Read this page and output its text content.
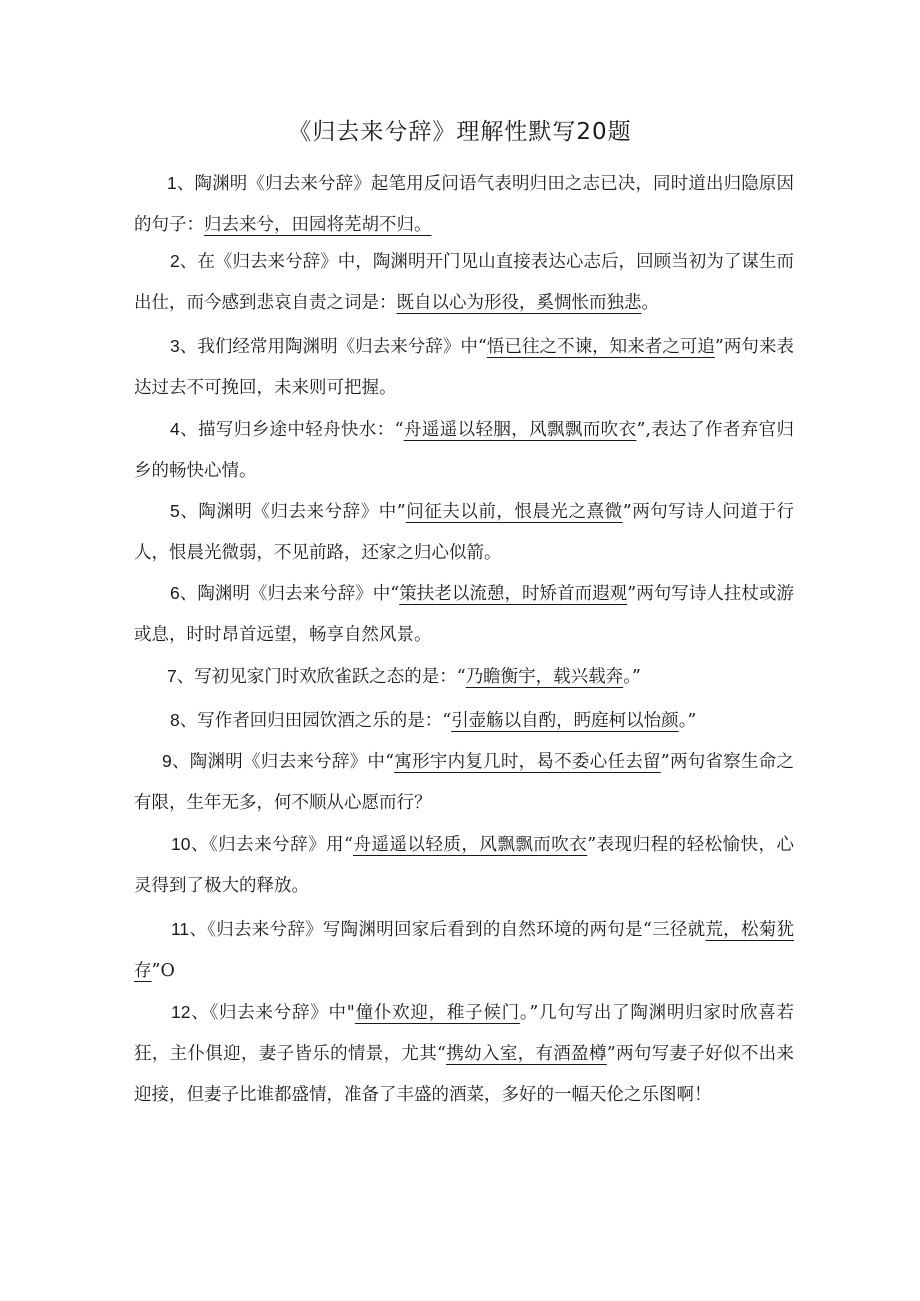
《归去来兮辞》理解性默写20题

1、陶渊明《归去来兮辞》起笔用反问语气表明归田之志已决，同时道出归隐原因的句子：归去来兮，田园将芜胡不归。

2、在《归去来兮辞》中，陶渊明开门见山直接表达心志后，回顾当初为了谋生而出仕，而今感到悲哀自责之词是：既自以心为形役，奚惆怅而独悲。

3、我们经常用陶渊明《归去来兮辞》中“悟已往之不谏，知来者之可追”两句来表达过去不可挽回，未来则可把握。

4、描写归乡途中轻舟快水：“舟遥遥以轻胭，风飘飘而吹衣”,表达了作者弃官归乡的畅快心情。

5、陶渊明《归去来兮辞》中”问征夫以前，恨晨光之熹微”两句写诗人问道于行人，恨晨光微弱，不见前路，还家之归心似箭。

6、陶渊明《归去来兮辞》中“策扶老以流憩，时矫首而遐观”两句写诗人拄杖或游或息，时时昂首远望，畅享自然风景。

7、写初见家门时欢欣雀跃之态的是：“乃瞻衡宇，载兴载奔。”

8、写作者回归田园饮酒之乐的是：“引壶觞以自酌，眄庭柯以怡颜。”

9、陶渊明《归去来兮辞》中“寓形宇内复几时，曷不委心任去留”两句省察生命之有限，生年无多，何不顺从心愿而行？

10、《归去来兮辞》用“舟遥遥以轻质，风飘飘而吹衣”表现归程的轻松愉快，心灵得到了极大的释放。

11、《归去来兮辞》写陶渊明回家后看到的自然环境的两句是“三径就荒，松菊犹存”O

12、《归去来兮辞》中"僮仆欢迎，稚子候门。”几句写出了陶渊明归家时欣喜若狂，主仆俱迎，妻子皆乐的情景，尤其“携幼入室，有酒盈樽”两句写妻子好似不出来迎接，但妻子比谁都盛情，准备了丰盛的酒菜，多好的一幅天伦之乐图啊！
